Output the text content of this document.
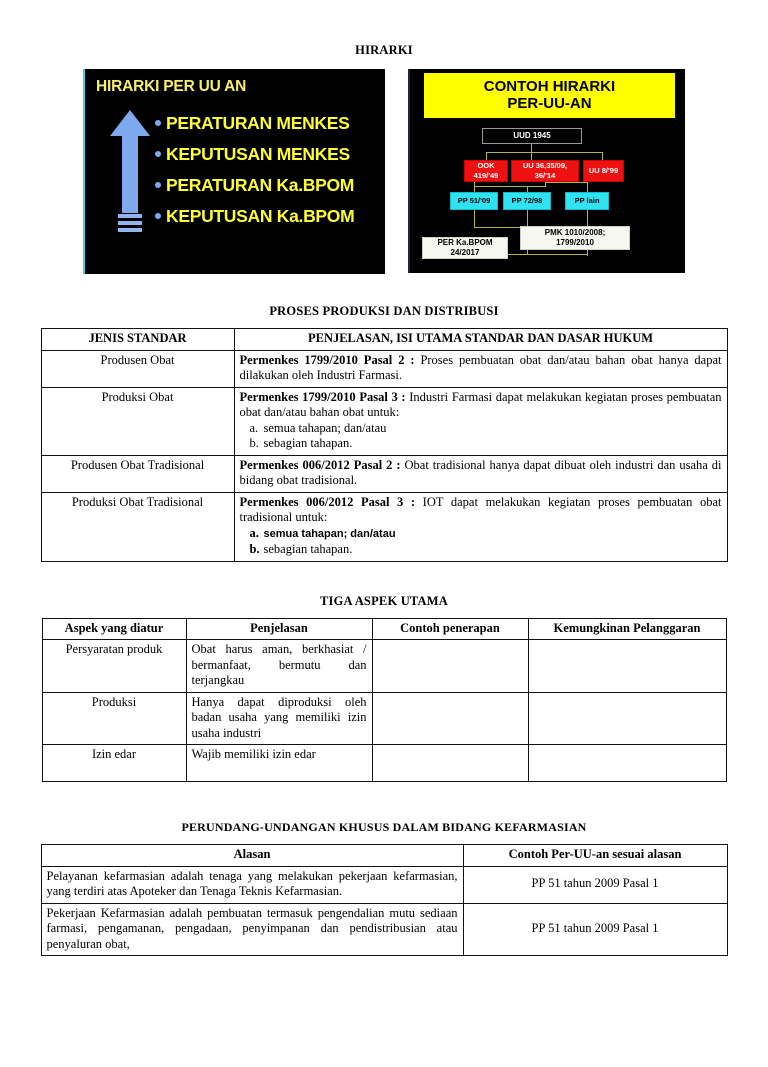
HIRARKI
HIRARKI PER UU AN
PERATURAN MENKES
KEPUTUSAN MENKES
PERATURAN Ka.BPOM
KEPUTUSAN Ka.BPOM
CONTOH HIRARKI
PER-UU-AN
UUD 1945
OOK
419/'49
UU 36,35/09,
36/'14
UU 8/'99
PP 51/'09	PP 72/98	PP lain
PER Ka.BPOM
24/2017
PMK 1010/2008;
1799/2010
PROSES PRODUKSI DAN DISTRIBUSI
JENIS STANDAR	PENJELASAN, ISI UTAMA STANDAR DAN DASAR HUKUM
Produsen Obat	Permenkes 1799/2010 Pasal 2 : Proses pembuatan obat dan/atau bahan obat hanya dapat dilakukan oleh Industri Farmasi.

Produksi Obat	Permenkes 1799/2010 Pasal 3 : Industri Farmasi dapat melakukan kegiatan proses pembuatan obat dan/atau bahan obat untuk:

a. semua tahapan; dan/atau
b. sebagian tahapan.

Produsen Obat Tradisional	Permenkes 006/2012 Pasal 2 : Obat tradisional hanya dapat dibuat oleh industri dan usaha di bidang obat tradisional.

Produksi Obat Tradisional	Permenkes 006/2012 Pasal 3 : IOT dapat melakukan kegiatan proses pembuatan obat tradisional untuk:

a. semua tahapan; dan/atau
b. sebagian tahapan.
TIGA ASPEK UTAMA
Aspek yang diatur	Penjelasan	Contoh penerapan	Kemungkinan Pelanggaran
Persyaratan produk	Obat harus aman, berkhasiat / bermanfaat, bermutu dan terjangkau		
Produksi	Hanya dapat diproduksi oleh badan usaha yang memiliki izin usaha industri		
Izin edar	Wajib memiliki izin edar

PERUNDANG-UNDANGAN KHUSUS DALAM BIDANG KEFARMASIAN
Alasan	Contoh Per-UU-an sesuai alasan
Pelayanan kefarmasian adalah tenaga yang melakukan pekerjaan kefarmasian, yang terdiri atas Apoteker dan Tenaga Teknis Kefarmasian.	PP 51 tahun 2009 Pasal 1
Pekerjaan Kefarmasian adalah pembuatan termasuk pengendalian mutu sediaan farmasi, pengamanan, pengadaan, penyimpanan dan pendistribusian atau penyaluran obat,	PP 51 tahun 2009 Pasal 1
